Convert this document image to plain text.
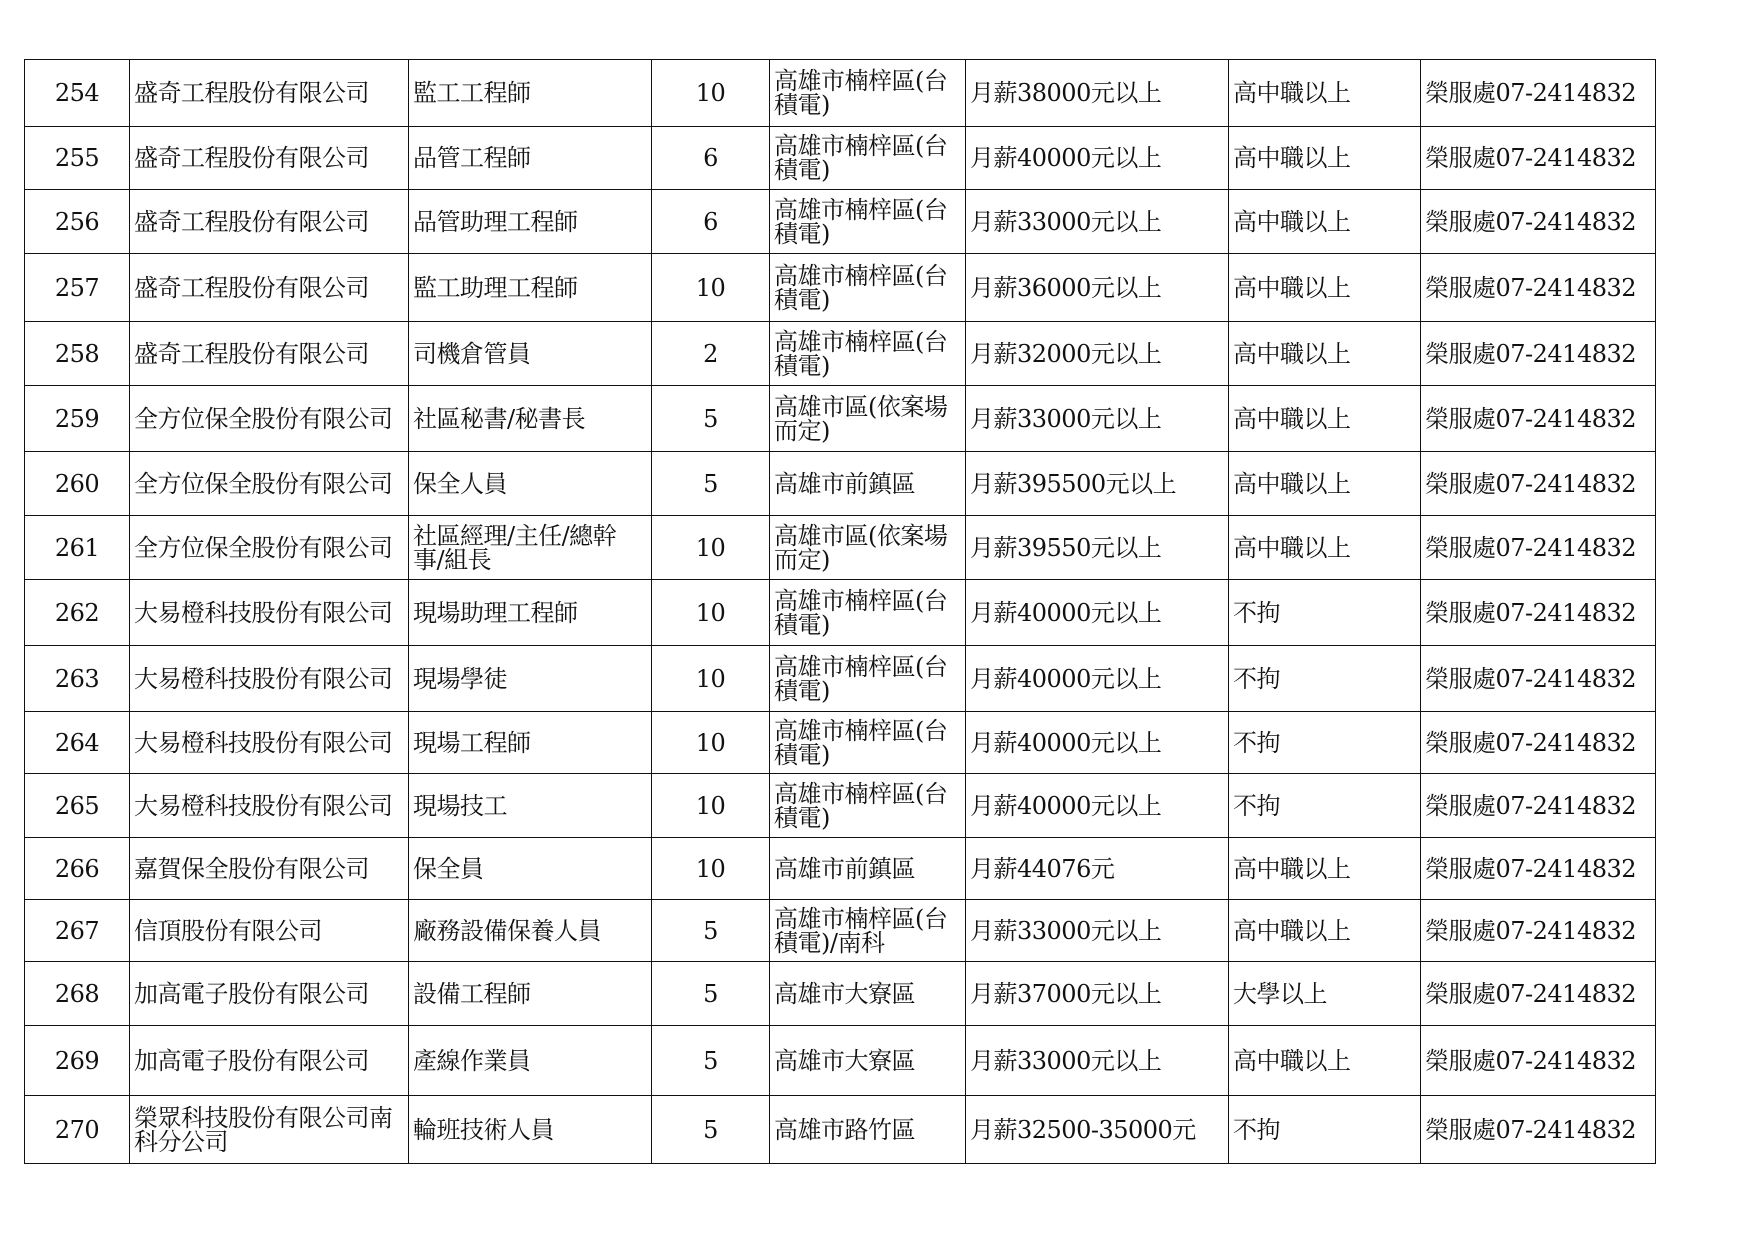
254	盛奇工程股份有限公司	監工工程師	10	高雄市楠梓區(台積電)	月薪38000元以上	高中職以上	榮服處07-2414832
255	盛奇工程股份有限公司	品管工程師	6	高雄市楠梓區(台積電)	月薪40000元以上	高中職以上	榮服處07-2414832
256	盛奇工程股份有限公司	品管助理工程師	6	高雄市楠梓區(台積電)	月薪33000元以上	高中職以上	榮服處07-2414832
257	盛奇工程股份有限公司	監工助理工程師	10	高雄市楠梓區(台積電)	月薪36000元以上	高中職以上	榮服處07-2414832
258	盛奇工程股份有限公司	司機倉管員	2	高雄市楠梓區(台積電)	月薪32000元以上	高中職以上	榮服處07-2414832
259	全方位保全股份有限公司	社區秘書/秘書長	5	高雄市區(依案場而定)	月薪33000元以上	高中職以上	榮服處07-2414832
260	全方位保全股份有限公司	保全人員	5	高雄市前鎮區	月薪395500元以上	高中職以上	榮服處07-2414832
261	全方位保全股份有限公司	社區經理/主任/總幹事/組長	10	高雄市區(依案場而定)	月薪39550元以上	高中職以上	榮服處07-2414832
262	大易橙科技股份有限公司	現場助理工程師	10	高雄市楠梓區(台積電)	月薪40000元以上	不拘	榮服處07-2414832
263	大易橙科技股份有限公司	現場學徒	10	高雄市楠梓區(台積電)	月薪40000元以上	不拘	榮服處07-2414832
264	大易橙科技股份有限公司	現場工程師	10	高雄市楠梓區(台積電)	月薪40000元以上	不拘	榮服處07-2414832
265	大易橙科技股份有限公司	現場技工	10	高雄市楠梓區(台積電)	月薪40000元以上	不拘	榮服處07-2414832
266	嘉賀保全股份有限公司	保全員	10	高雄市前鎮區	月薪44076元	高中職以上	榮服處07-2414832
267	信頂股份有限公司	廠務設備保養人員	5	高雄市楠梓區(台積電)/南科	月薪33000元以上	高中職以上	榮服處07-2414832
268	加高電子股份有限公司	設備工程師	5	高雄市大寮區	月薪37000元以上	大學以上	榮服處07-2414832
269	加高電子股份有限公司	產線作業員	5	高雄市大寮區	月薪33000元以上	高中職以上	榮服處07-2414832
270	榮眾科技股份有限公司南科分公司	輪班技術人員	5	高雄市路竹區	月薪32500-35000元	不拘	榮服處07-2414832
